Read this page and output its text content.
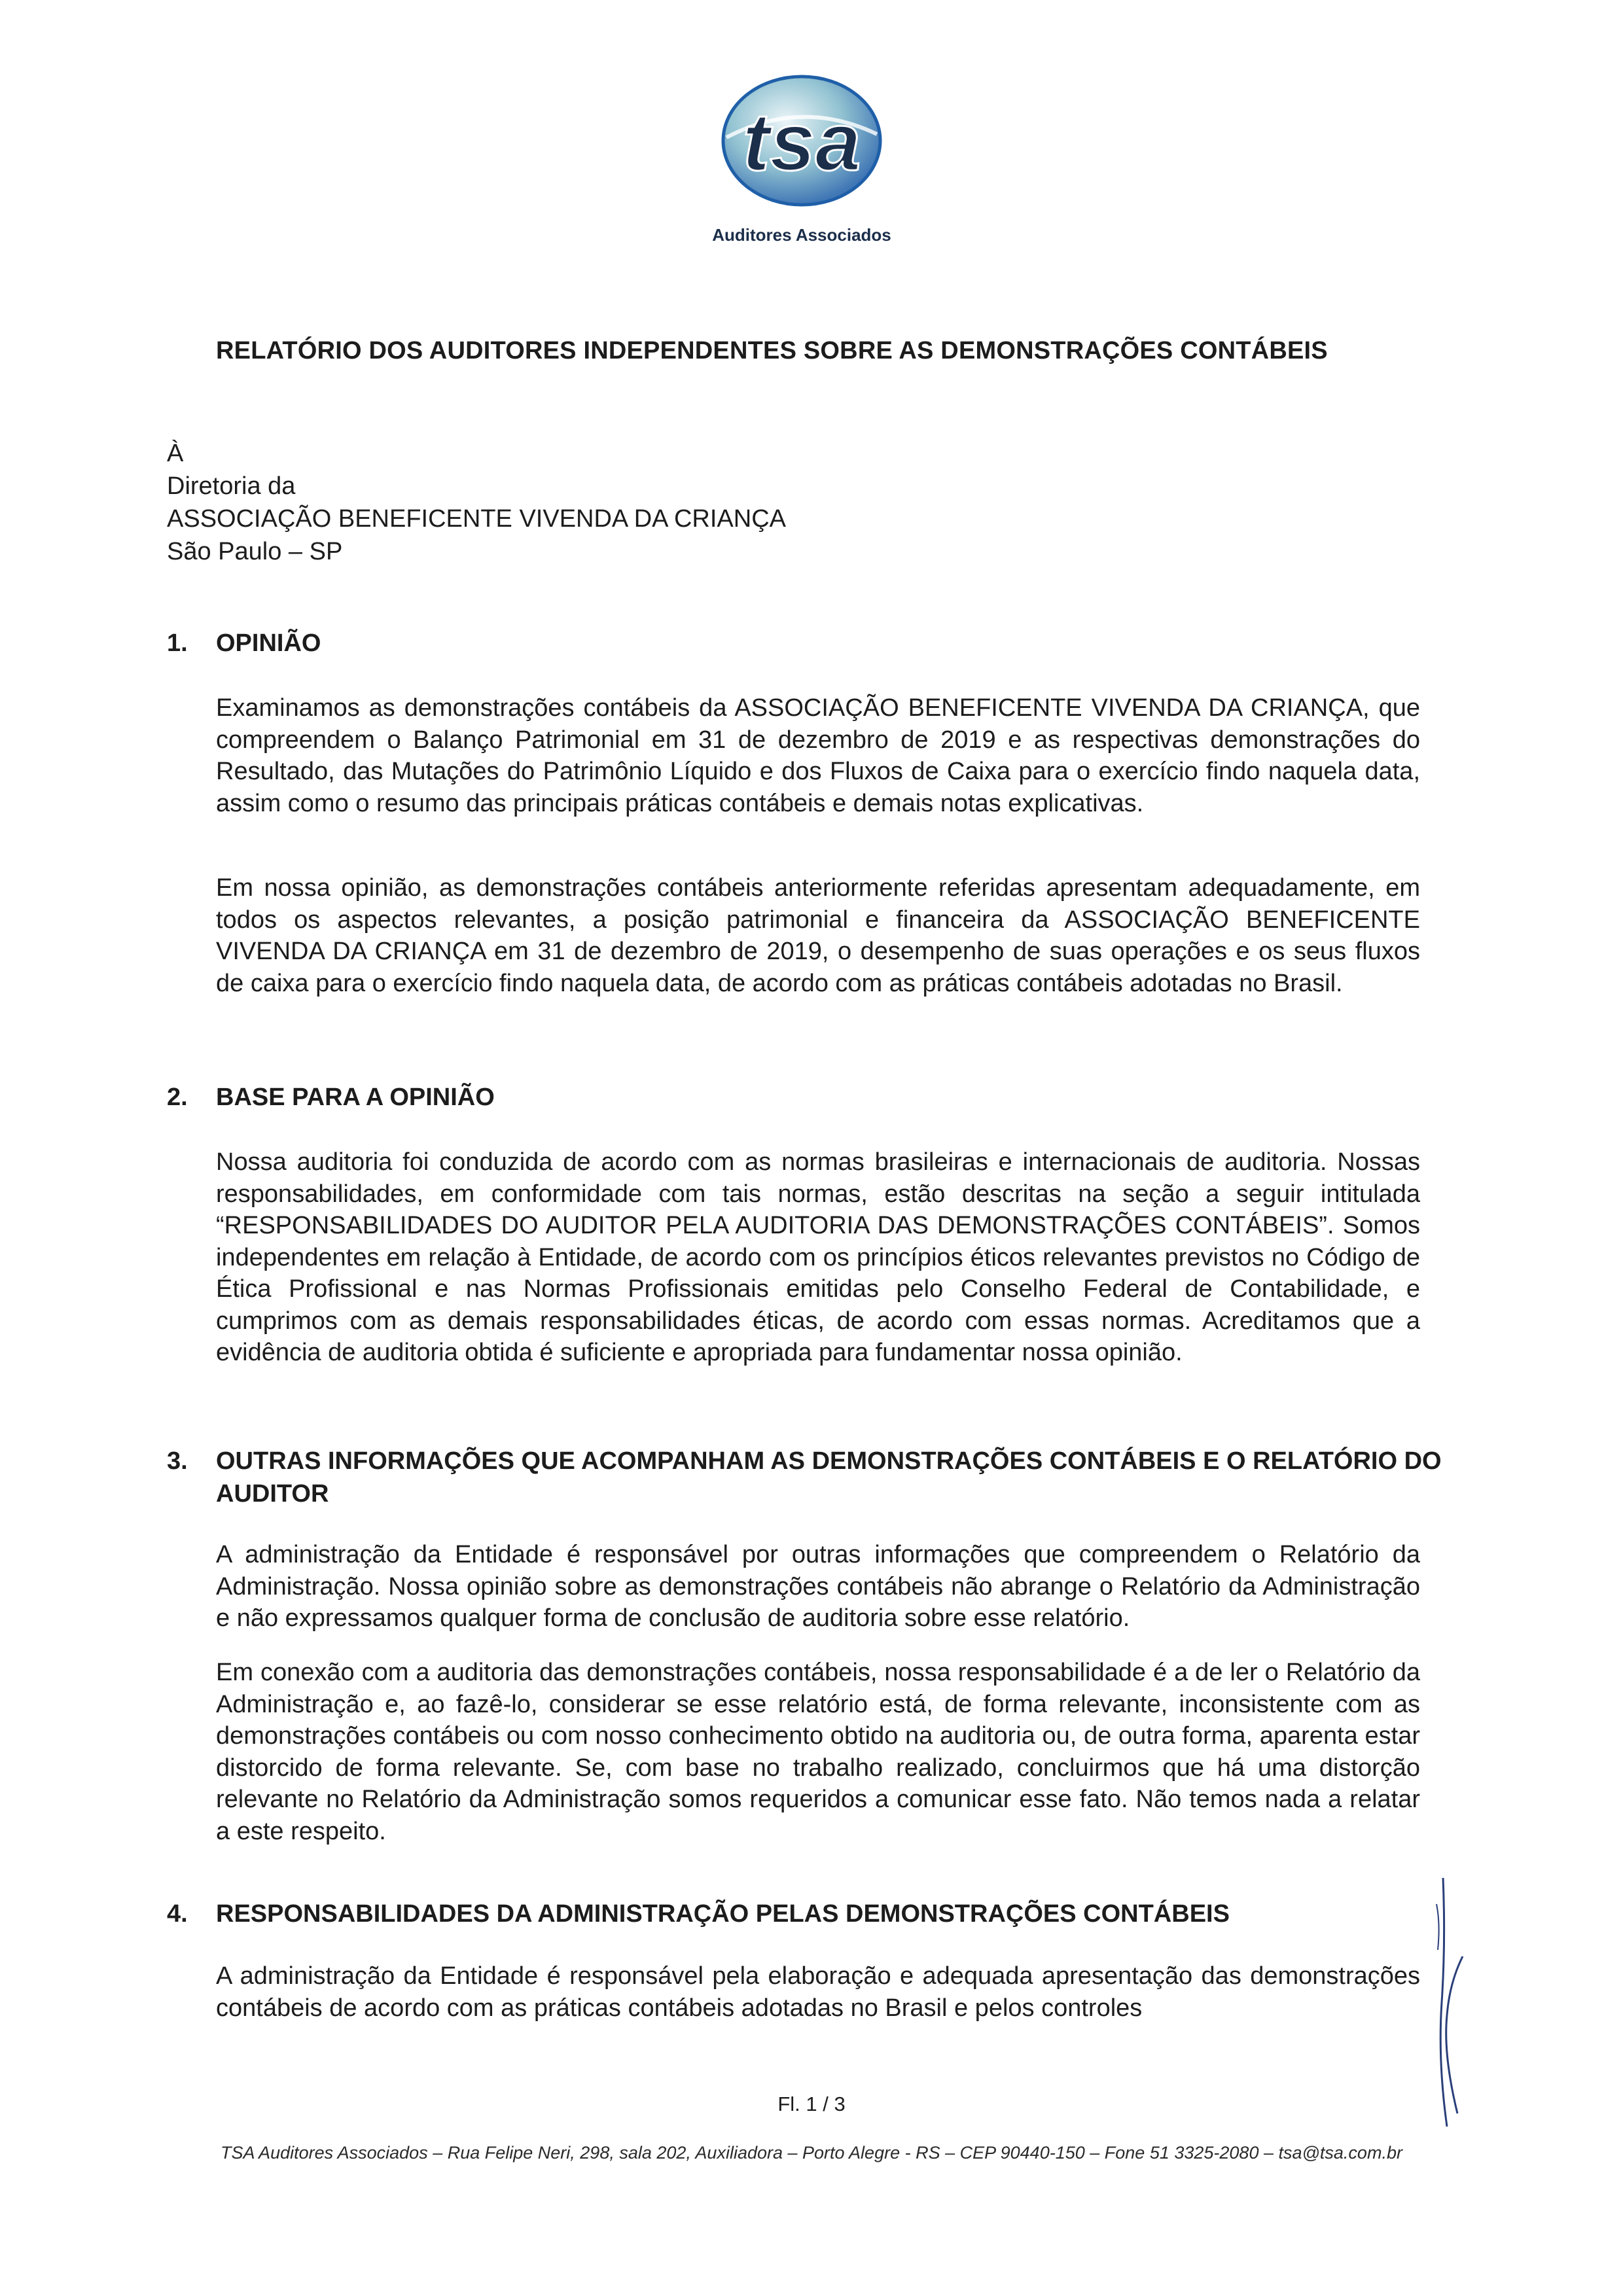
tsa
Auditores Associados
RELATÓRIO DOS AUDITORES INDEPENDENTES SOBRE AS DEMONSTRAÇÕES CONTÁBEIS
À
Diretoria da
ASSOCIAÇÃO BENEFICENTE VIVENDA DA CRIANÇA
São Paulo – SP
1.	OPINIÃO

Examinamos as demonstrações contábeis da ASSOCIAÇÃO BENEFICENTE VIVENDA DA CRIANÇA, que compreendem o Balanço Patrimonial em 31 de dezembro de 2019 e as respectivas demonstrações do Resultado, das Mutações do Patrimônio Líquido e dos Fluxos de Caixa para o exercício findo naquela data, assim como o resumo das principais práticas contábeis e demais notas explicativas.

Em nossa opinião, as demonstrações contábeis anteriormente referidas apresentam adequadamente, em todos os aspectos relevantes, a posição patrimonial e financeira da ASSOCIAÇÃO BENEFICENTE VIVENDA DA CRIANÇA em 31 de dezembro de 2019, o desempenho de suas operações e os seus fluxos de caixa para o exercício findo naquela data, de acordo com as práticas contábeis adotadas no Brasil.

2.	BASE PARA A OPINIÃO

Nossa auditoria foi conduzida de acordo com as normas brasileiras e internacionais de auditoria. Nossas responsabilidades, em conformidade com tais normas, estão descritas na seção a seguir intitulada “RESPONSABILIDADES DO AUDITOR PELA AUDITORIA DAS DEMONSTRAÇÕES CONTÁBEIS”. Somos independentes em relação à Entidade, de acordo com os princípios éticos relevantes previstos no Código de Ética Profissional e nas Normas Profissionais emitidas pelo Conselho Federal de Contabilidade, e cumprimos com as demais responsabilidades éticas, de acordo com essas normas. Acreditamos que a evidência de auditoria obtida é suficiente e apropriada para fundamentar nossa opinião.

3.	OUTRAS INFORMAÇÕES QUE ACOMPANHAM AS DEMONSTRAÇÕES CONTÁBEIS E O RELATÓRIO DO AUDITOR

A administração da Entidade é responsável por outras informações que compreendem o Relatório da Administração. Nossa opinião sobre as demonstrações contábeis não abrange o Relatório da Administração e não expressamos qualquer forma de conclusão de auditoria sobre esse relatório.

Em conexão com a auditoria das demonstrações contábeis, nossa responsabilidade é a de ler o Relatório da Administração e, ao fazê-lo, considerar se esse relatório está, de forma relevante, inconsistente com as demonstrações contábeis ou com nosso conhecimento obtido na auditoria ou, de outra forma, aparenta estar distorcido de forma relevante. Se, com base no trabalho realizado, concluirmos que há uma distorção relevante no Relatório da Administração somos requeridos a comunicar esse fato. Não temos nada a relatar a este respeito.

4.	RESPONSABILIDADES DA ADMINISTRAÇÃO PELAS DEMONSTRAÇÕES CONTÁBEIS

A administração da Entidade é responsável pela elaboração e adequada apresentação das demonstrações contábeis de acordo com as práticas contábeis adotadas no Brasil e pelos controles

Fl. 1 / 3
TSA Auditores Associados – Rua Felipe Neri, 298, sala 202, Auxiliadora – Porto Alegre - RS – CEP 90440-150 – Fone 51 3325-2080 – tsa@tsa.com.br
